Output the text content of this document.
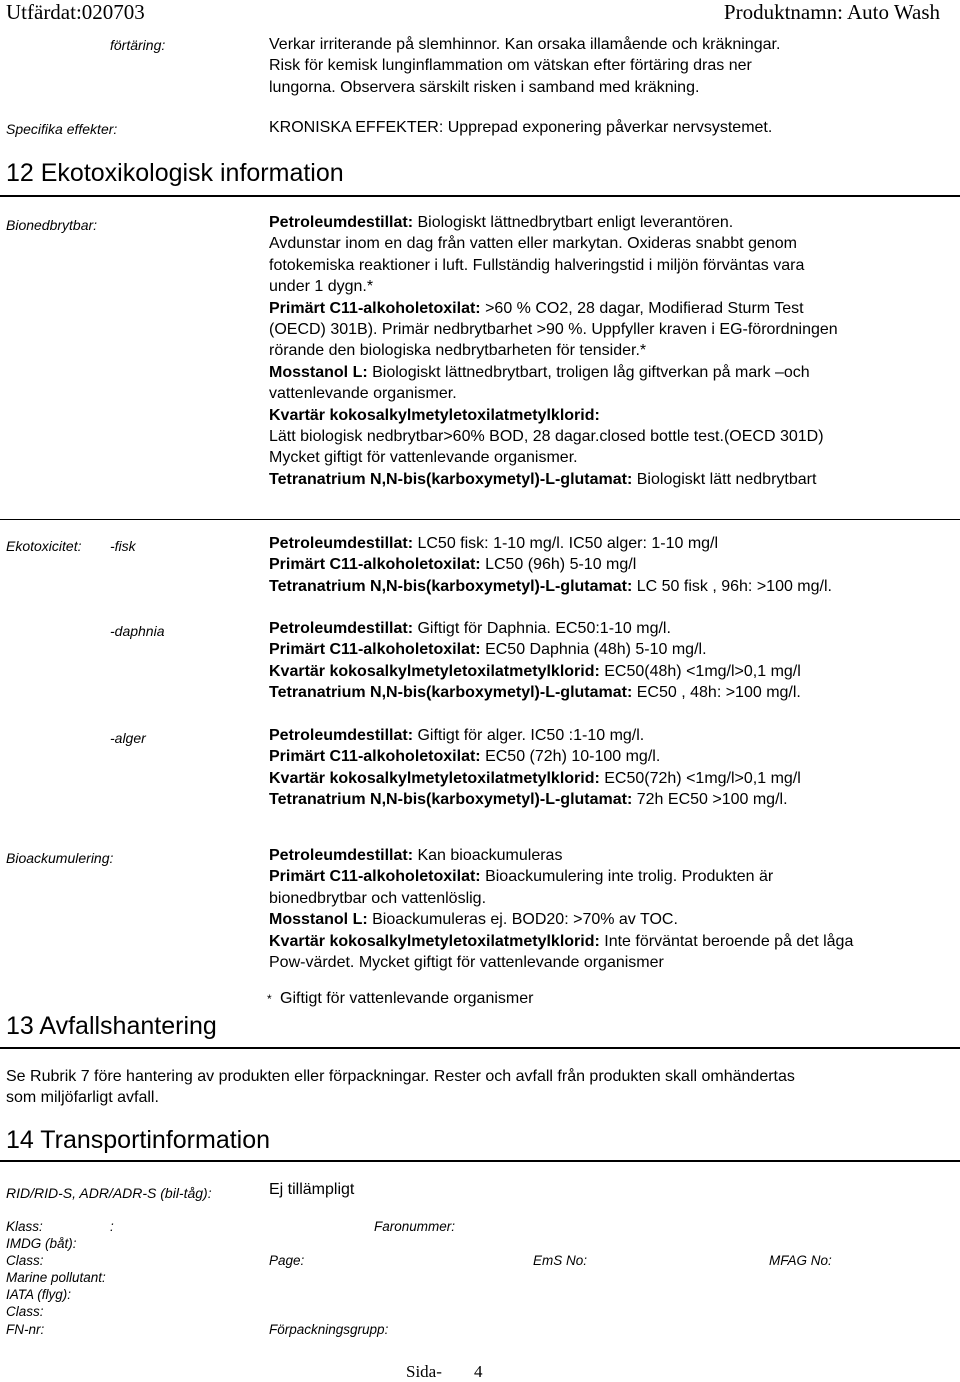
Utfärdat:020703	Produktnamn: Auto Wash
förtäring:	Verkar irriterande på slemhinnor. Kan orsaka illamående och kräkningar.
Risk för kemisk lunginflammation om vätskan efter förtäring dras ner
lungorna. Observera särskilt risken i samband med kräkning.
Specifika effekter:	KRONISKA EFFEKTER: Upprepad exponering påverkar nervsystemet.
12 Ekotoxikologisk information
Bionedbrytbar:	Petroleumdestillat: Biologiskt lättnedbrytbart enligt leverantören.
Avdunstar inom en dag från vatten eller markytan. Oxideras snabbt genom
fotokemiska reaktioner i luft. Fullständig halveringstid i miljön förväntas vara
under 1 dygn.*
Primärt C11-alkoholetoxilat: >60 % CO2, 28 dagar, Modifierad Sturm Test
(OECD) 301B). Primär nedbrytbarhet >90 %. Uppfyller kraven i EG-förordningen
rörande den biologiska nedbrytbarheten för tensider.*
Mosstanol L: Biologiskt lättnedbrytbart, troligen låg giftverkan på mark –och
vattenlevande organismer.
Kvartär kokosalkylmetyletoxilatmetylklorid:
Lätt biologisk nedbrytbar>60% BOD, 28 dagar.closed bottle test.(OECD 301D)
Mycket giftigt för vattenlevande organismer.
Tetranatrium N,N-bis(karboxymetyl)-L-glutamat: Biologiskt lätt nedbrytbart
Ekotoxicitet: -fisk	Petroleumdestillat: LC50 fisk: 1-10 mg/l. IC50 alger: 1-10 mg/l
Primärt C11-alkoholetoxilat: LC50 (96h) 5-10 mg/l
Tetranatrium N,N-bis(karboxymetyl)-L-glutamat: LC 50 fisk , 96h: >100 mg/l.
-daphnia	Petroleumdestillat: Giftigt för Daphnia. EC50:1-10 mg/l.
Primärt C11-alkoholetoxilat: EC50 Daphnia (48h) 5-10 mg/l.
Kvartär kokosalkylmetyletoxilatmetylklorid: EC50(48h) <1mg/l>0,1 mg/l
Tetranatrium N,N-bis(karboxymetyl)-L-glutamat: EC50 , 48h: >100 mg/l.
-alger	Petroleumdestillat: Giftigt för alger. IC50 :1-10 mg/l.
Primärt C11-alkoholetoxilat: EC50 (72h) 10-100 mg/l.
Kvartär kokosalkylmetyletoxilatmetylklorid: EC50(72h) <1mg/l>0,1 mg/l
Tetranatrium N,N-bis(karboxymetyl)-L-glutamat: 72h EC50 >100 mg/l.
Bioackumulering:	Petroleumdestillat: Kan bioackumuleras
Primärt C11-alkoholetoxilat: Bioackumulering inte trolig. Produkten är
bionedbrytbar och vattenlöslig.
Mosstanol L: Bioackumuleras ej. BOD20: >70% av TOC.
Kvartär kokosalkylmetyletoxilatmetylklorid: Inte förväntat beroende på det låga
Pow-värdet. Mycket giftigt för vattenlevande organismer
* Giftigt för vattenlevande organismer
13 Avfallshantering
Se Rubrik 7 före hantering av produkten eller förpackningar. Rester och avfall från produkten skall omhändertas
som miljöfarligt avfall.
14 Transportinformation
RID/RID-S, ADR/ADR-S (bil-tåg):	Ej tillämpligt
Klass:	:	Faronummer:
IMDG (båt):
Class:	Page:	EmS No:	MFAG No:
Marine pollutant:
IATA (flyg):
Class:
FN-nr:	Förpackningsgrupp:
Sida- 4
